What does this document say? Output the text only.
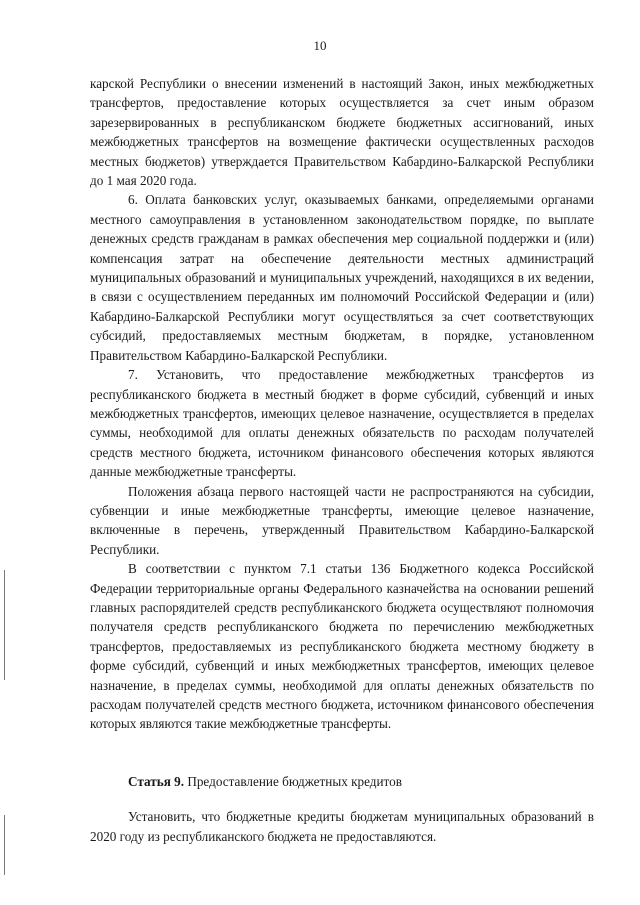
10

карской Республики о внесении изменений в настоящий Закон, иных межбюджетных трансфертов, предоставление которых осуществляется за счет иным образом зарезервированных в республиканском бюджете бюджетных ассигнований, иных межбюджетных трансфертов на возмещение фактически осуществленных расходов местных бюджетов) утверждается Правительством Кабардино-Балкарской Республики до 1 мая 2020 года.

6. Оплата банковских услуг, оказываемых банками, определяемыми органами местного самоуправления в установленном законодательством порядке, по выплате денежных средств гражданам в рамках обеспечения мер социальной поддержки и (или) компенсация затрат на обеспечение деятельности местных администраций муниципальных образований и муниципальных учреждений, находящихся в их ведении, в связи с осуществлением переданных им полномочий Российской Федерации и (или) Кабардино-Балкарской Республики могут осуществляться за счет соответствующих субсидий, предоставляемых местным бюджетам, в порядке, установленном Правительством Кабардино-Балкарской Республики.

7. Установить, что предоставление межбюджетных трансфертов из республиканского бюджета в местный бюджет в форме субсидий, субвенций и иных межбюджетных трансфертов, имеющих целевое назначение, осуществляется в пределах суммы, необходимой для оплаты денежных обязательств по расходам получателей средств местного бюджета, источником финансового обеспечения которых являются данные межбюджетные трансферты.

Положения абзаца первого настоящей части не распространяются на субсидии, субвенции и иные межбюджетные трансферты, имеющие целевое назначение, включенные в перечень, утвержденный Правительством Кабардино-Балкарской Республики.

В соответствии с пунктом 7.1 статьи 136 Бюджетного кодекса Российской Федерации территориальные органы Федерального казначейства на основании решений главных распорядителей средств республиканского бюджета осуществляют полномочия получателя средств республиканского бюджета по перечислению межбюджетных трансфертов, предоставляемых из республиканского бюджета местному бюджету в форме субсидий, субвенций и иных межбюджетных трансфертов, имеющих целевое назначение, в пределах суммы, необходимой для оплаты денежных обязательств по расходам получателей средств местного бюджета, источником финансового обеспечения которых являются такие межбюджетные трансферты.

Статья 9. Предоставление бюджетных кредитов

Установить, что бюджетные кредиты бюджетам муниципальных образований в 2020 году из республиканского бюджета не предоставляются.
